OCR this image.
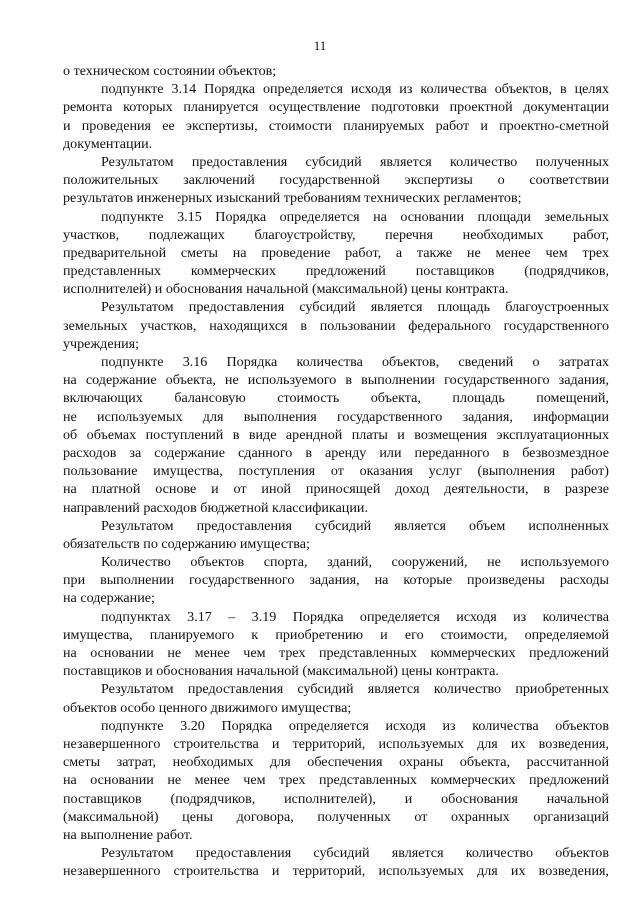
11
о техническом состоянии объектов;
подпункте 3.14 Порядка определяется исходя из количества объектов, в целях
ремонта которых планируется осуществление подготовки проектной документации
и проведения ее экспертизы, стоимости планируемых работ и проектно-сметной
документации.
Результатом предоставления субсидий является количество полученных
положительных заключений государственной экспертизы о соответствии
результатов инженерных изысканий требованиям технических регламентов;
подпункте 3.15 Порядка определяется на основании площади земельных
участков, подлежащих благоустройству, перечня необходимых работ,
предварительной сметы на проведение работ, а также не менее чем трех
представленных коммерческих предложений поставщиков (подрядчиков,
исполнителей) и обоснования начальной (максимальной) цены контракта.
Результатом предоставления субсидий является площадь благоустроенных
земельных участков, находящихся в пользовании федерального государственного
учреждения;
подпункте 3.16 Порядка количества объектов, сведений о затратах
на содержание объекта, не используемого в выполнении государственного задания,
включающих балансовую стоимость объекта, площадь помещений,
не используемых для выполнения государственного задания, информации
об объемах поступлений в виде арендной платы и возмещения эксплуатационных
расходов за содержание сданного в аренду или переданного в безвозмездное
пользование имущества, поступления от оказания услуг (выполнения работ)
на платной основе и от иной приносящей доход деятельности, в разрезе
направлений расходов бюджетной классификации.
Результатом предоставления субсидий является объем исполненных
обязательств по содержанию имущества;
Количество объектов спорта, зданий, сооружений, не используемого
при выполнении государственного задания, на которые произведены расходы
на содержание;
подпунктах 3.17 – 3.19 Порядка определяется исходя из количества
имущества, планируемого к приобретению и его стоимости, определяемой
на основании не менее чем трех представленных коммерческих предложений
поставщиков и обоснования начальной (максимальной) цены контракта.
Результатом предоставления субсидий является количество приобретенных
объектов особо ценного движимого имущества;
подпункте 3.20 Порядка определяется исходя из количества объектов
незавершенного строительства и территорий, используемых для их возведения,
сметы затрат, необходимых для обеспечения охраны объекта, рассчитанной
на основании не менее чем трех представленных коммерческих предложений
поставщиков (подрядчиков, исполнителей), и обоснования начальной
(максимальной) цены договора, полученных от охранных организаций
на выполнение работ.
Результатом предоставления субсидий является количество объектов
незавершенного строительства и территорий, используемых для их возведения,
